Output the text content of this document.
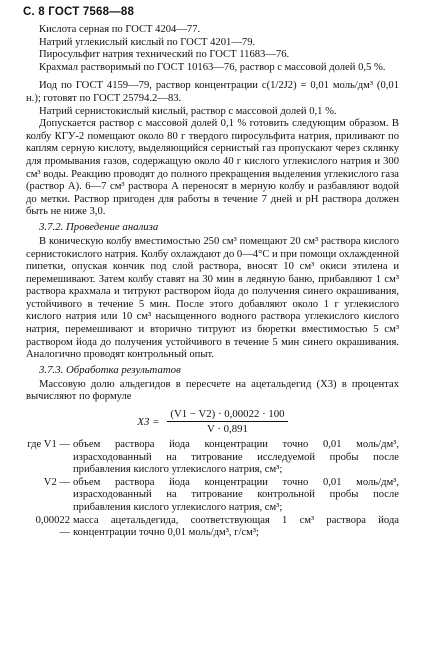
С. 8 ГОСТ 7568—88

Кислота серная по ГОСТ 4204—77.

Натрий углекислый кислый по ГОСТ 4201—79.

Пиросульфит натрия технический по ГОСТ 11683—76.

Крахмал растворимый по ГОСТ 10163—76, раствор с массовой долей 0,5 %.

Иод по ГОСТ 4159—79, раствор концентрации c(1/2J2) = 0,01 моль/дм³ (0,01 н.); готовят по ГОСТ 25794.2—83.

Натрий сернистокислый кислый, раствор с массовой долей 0,1 %.

Допускается раствор с массовой долей 0,1 % готовить следующим образом. В колбу КГУ-2 помещают около 80 г твердого пиросульфита натрия, приливают по каплям серную кислоту, выделяющийся сернистый газ пропускают через склянку для промывания газов, содержащую около 40 г кислого углекислого натрия и 300 см³ воды. Реакцию проводят до полного прекращения выделения углекислого газа (раствор А). 6—7 см³ раствора А переносят в мерную колбу и разбавляют водой до метки. Раствор пригоден для работы в течение 7 дней и pH раствора должен быть не ниже 3,0.

3.7.2. Проведение анализа

В коническую колбу вместимостью 250 см³ помещают 20 см³ раствора кислого сернистокислого натрия. Колбу охлаждают до 0—4°С и при помощи охлажденной пипетки, опуская кончик под слой раствора, вносят 10 см³ окиси этилена и перемешивают. Затем колбу ставят на 30 мин в ледяную баню, прибавляют 1 см³ раствора крахмала и титруют раствором йода до получения синего окрашивания, устойчивого в течение 5 мин. После этого добавляют около 1 г углекислого кислого натрия или 10 см³ насыщенного водного раствора углекислого кислого натрия, перемешивают и вторично титруют из бюретки вместимостью 5 см³ раствором йода до получения устойчивого в течение 5 мин синего окрашивания. Аналогично проводят контрольный опыт.

3.7.3. Обработка результатов

Массовую долю альдегидов в пересчете на ацетальдегид (X3) в процентах вычисляют по формуле

$X3 = \frac{(V1 - V2) \cdot 0,00022 \cdot 100}{V \cdot 0,891}$
где V1 — объем раствора йода концентрации точно 0,01 моль/дм³, израсходованный на титрование исследуемой пробы после прибавления кислого углекислого натрия, см³;
V2 — объем раствора йода концентрации точно 0,01 моль/дм³, израсходованный на титрование контрольной пробы после прибавления кислого углекислого натрия, см³;
0,00022 —
масса ацетальдегида, соответствующая 1 см³ раствора йода концентрации точно 0,01 моль/дм³, г/см³;
